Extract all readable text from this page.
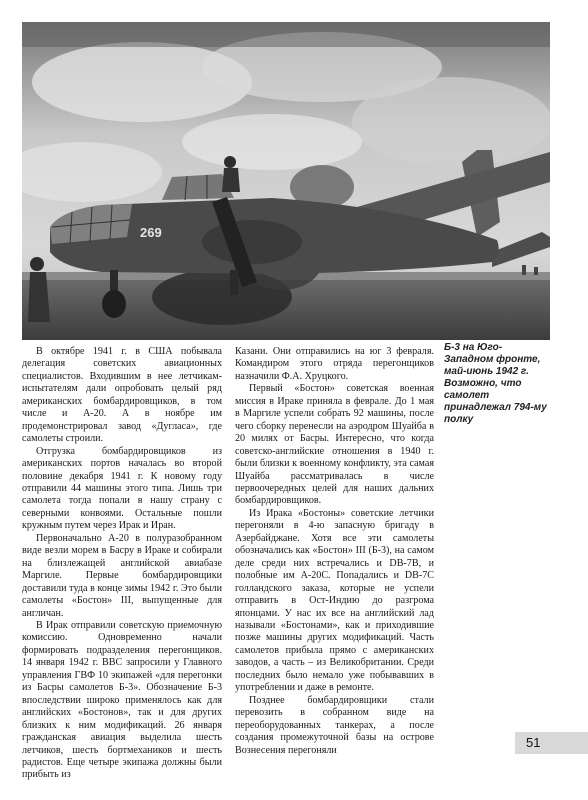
269
Б-3 на Юго-Западном фронте, май-июнь 1942 г. Возможно, что самолет принадлежал 794-му полку

В октябре 1941 г. в США побывала делегация советских авиационных специалистов. Входившим в нее летчикам-испытателям дали опробовать целый ряд американских бомбардировщиков, в том числе и А-20. А в ноябре им продемонстрировал завод «Дугласа», где самолеты строили.

Отгрузка бомбардировщиков из американских портов началась во второй половине декабря 1941 г. К новому году отправили 44 машины этого типа. Лишь три самолета тогда попали в нашу страну с северными конвоями. Остальные пошли кружным путем через Ирак и Иран.

Первоначально А-20 в полуразобранном виде везли морем в Басру в Ираке и собирали на близлежащей английской авиабазе Маргиле. Первые бомбардировщики доставили туда в конце зимы 1942 г. Это были самолеты «Бостон» III, выпущенные для англичан.

В Ирак отправили советскую приемочную комиссию. Одновременно начали формировать подразделения перегонщиков. 14 января 1942 г. ВВС запросили у Главного управления ГВФ 10 экипажей «для перегонки из Басры самолетов Б-3». Обозначение Б-3 впоследствии широко применялось как для английских «Бостонов», так и для других близких к ним модификаций. 26 января гражданская авиация выделила шесть летчиков, шесть бортмехаников и шесть радистов. Еще четыре экипажа должны были прибыть из

Казани. Они отправились на юг 3 февраля. Командиром этого отряда перегонщиков назначили Ф.А. Хруцкого.

Первый «Бостон» советская военная миссия в Ираке приняла в феврале. До 1 мая в Маргиле успели собрать 92 машины, после чего сборку перенесли на аэродром Шуайба в 20 милях от Басры. Интересно, что когда советско-английские отношения в 1940 г. были близки к военному конфликту, эта самая Шуайба рассматривалась в числе первоочередных целей для наших дальних бомбардировщиков.

Из Ирака «Бостоны» советские летчики перегоняли в 4-ю запасную бригаду в Азербайджане. Хотя все эти самолеты обозначались как «Бостон» III (Б-3), на самом деле среди них встречались и DB-7B, и полобные им А-20С. Попадались и DB-7C голландского заказа, которые не успели отправить в Ост-Индию до разгрома японцами. У нас их все на английский лад называли «Бостонами», как и приходившие позже машины других модификаций. Часть самолетов прибыла прямо с американских заводов, а часть – из Великобритании. Среди последних было немало уже побывавших в употреблении и даже в ремонте.

Позднее бомбардировщики стали перевозить в собранном виде на переоборудованных танкерах, а после создания промежуточной базы на острове Вознесения перегоняли	51
